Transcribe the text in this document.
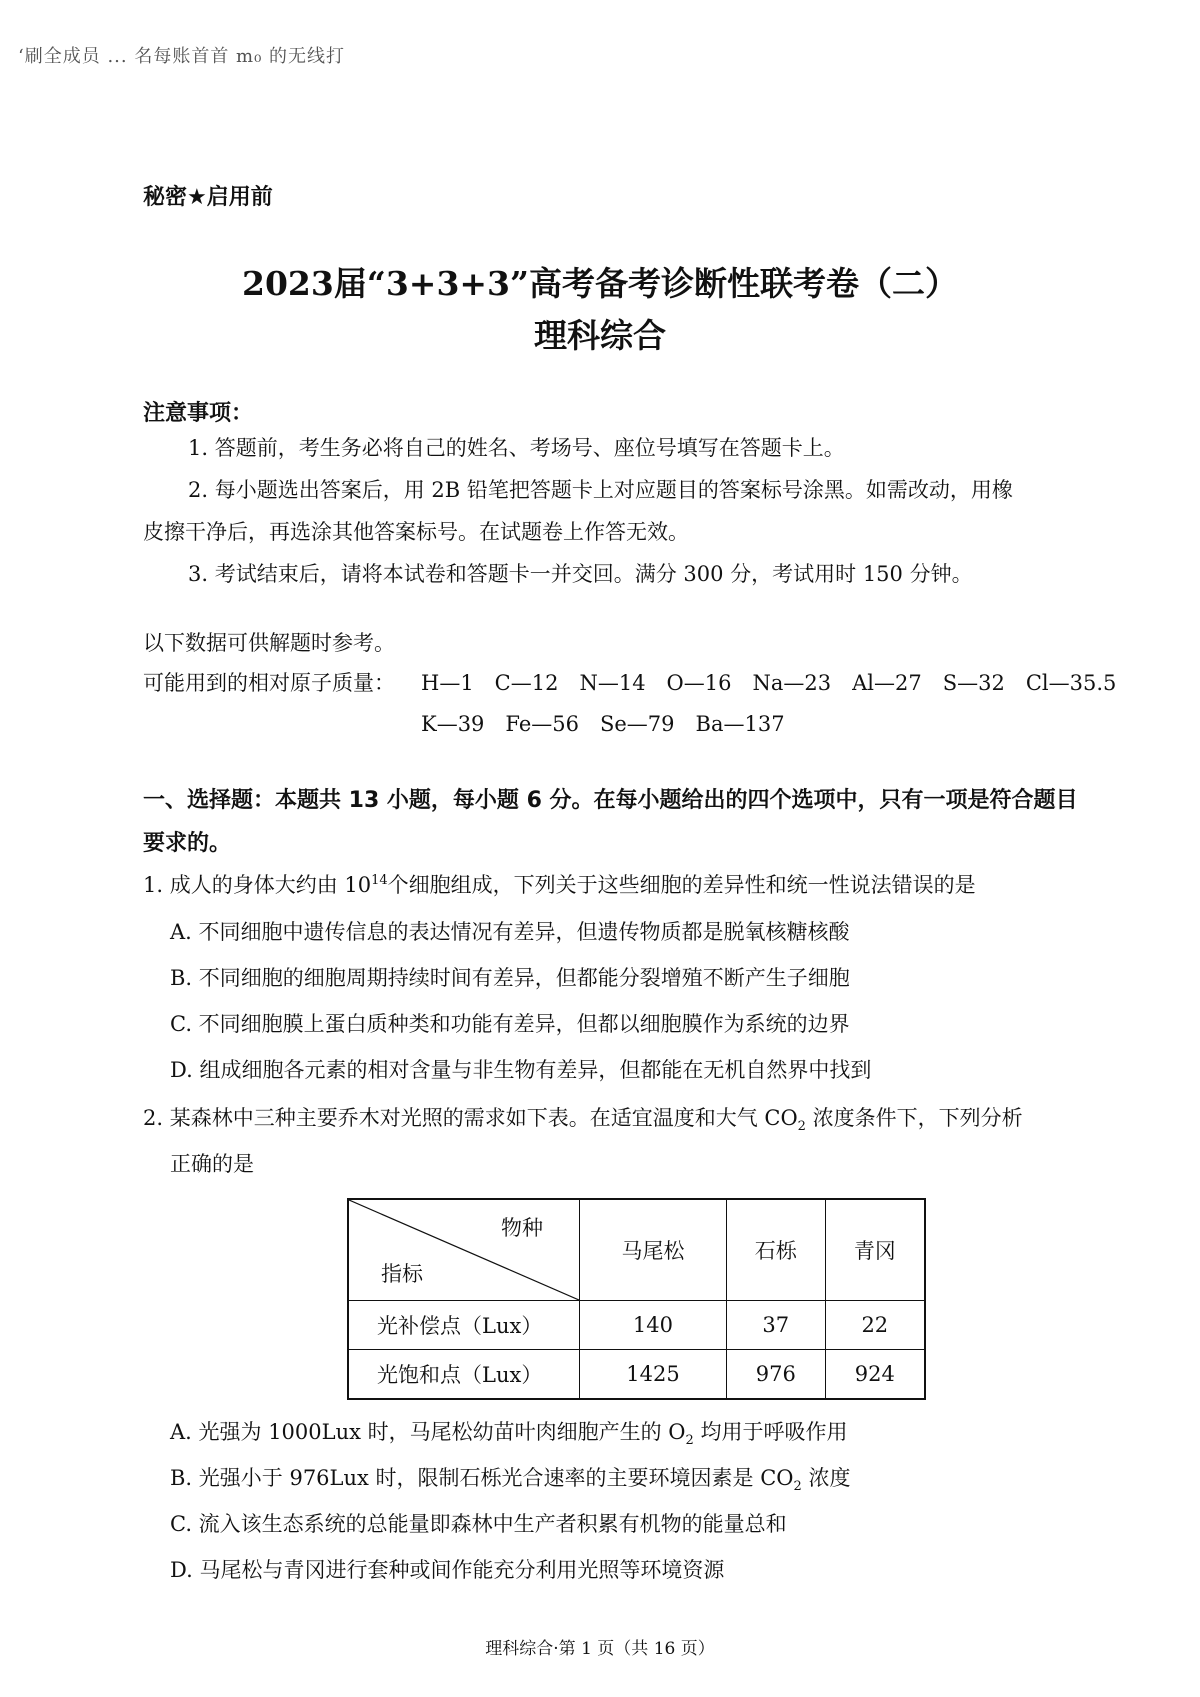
‘刷全成员 ... 名每账首首 m₀ 的无线打
秘密★启用前
2023届“3+3+3”高考备考诊断性联考卷（二）
理科综合
注意事项：
1. 答题前，考生务必将自己的姓名、考场号、座位号填写在答题卡上。
2. 每小题选出答案后，用 2B 铅笔把答题卡上对应题目的答案标号涂黑。如需改动，用橡
皮擦干净后，再选涂其他答案标号。在试题卷上作答无效。
3. 考试结束后，请将本试卷和答题卡一并交回。满分 300 分，考试用时 150 分钟。
以下数据可供解题时参考。
可能用到的相对原子质量： H—1 C—12 N—14 O—16 Na—23 Al—27 S—32 Cl—35.5
K—39 Fe—56 Se—79 Ba—137
一、选择题：本题共 13 小题，每小题 6 分。在每小题给出的四个选项中，只有一项是符合题目
要求的。
1. 成人的身体大约由 $10^{14}$个细胞组成，下列关于这些细胞的差异性和统一性说法错误的是
A. 不同细胞中遗传信息的表达情况有差异，但遗传物质都是脱氧核糖核酸
B. 不同细胞的细胞周期持续时间有差异，但都能分裂增殖不断产生子细胞
C. 不同细胞膜上蛋白质种类和功能有差异，但都以细胞膜作为系统的边界
D. 组成细胞各元素的相对含量与非生物有差异，但都能在无机自然界中找到
2. 某森林中三种主要乔木对光照的需求如下表。在适宜温度和大气 $CO_2$ 浓度条件下，下列分析
正确的是
物种
指标	马尾松	石栎	青冈
光补偿点（Lux）	140	37	22
光饱和点（Lux）	1425	976	924
A. 光强为 1000Lux 时，马尾松幼苗叶肉细胞产生的 $O_2$ 均用于呼吸作用
B. 光强小于 976Lux 时，限制石栎光合速率的主要环境因素是 $CO_2$ 浓度
C. 流入该生态系统的总能量即森林中生产者积累有机物的能量总和
D. 马尾松与青冈进行套种或间作能充分利用光照等环境资源
理科综合·第 1 页（共 16 页）
